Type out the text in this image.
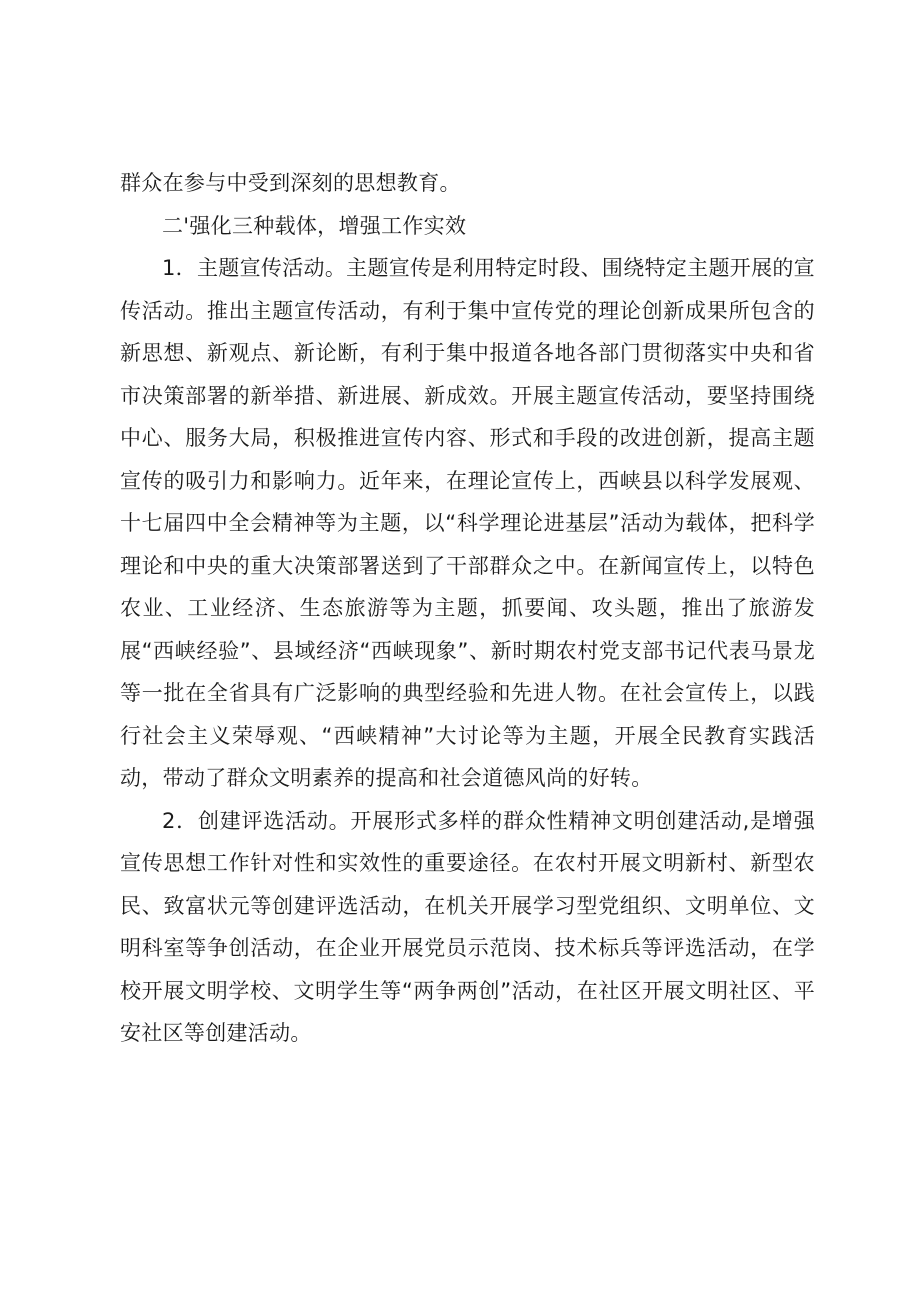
群众在参与中受到深刻的思想教育。

二'强化三种载体，增强工作实效

1．主题宣传活动。主题宣传是利用特定时段、围绕特定主题开展的宣传活动。推出主题宣传活动，有利于集中宣传党的理论创新成果所包含的新思想、新观点、新论断，有利于集中报道各地各部门贯彻落实中央和省市决策部署的新举措、新进展、新成效。开展主题宣传活动，要坚持围绕中心、服务大局，积极推进宣传内容、形式和手段的改进创新，提高主题宣传的吸引力和影响力。近年来，在理论宣传上，西峡县以科学发展观、十七届四中全会精神等为主题，以“科学理论进基层”活动为载体，把科学理论和中央的重大决策部署送到了干部群众之中。在新闻宣传上，以特色农业、工业经济、生态旅游等为主题，抓要闻、攻头题，推出了旅游发展“西峡经验”、县域经济“西峡现象”、新时期农村党支部书记代表马景龙等一批在全省具有广泛影响的典型经验和先进人物。在社会宣传上，以践行社会主义荣辱观、“西峡精神”大讨论等为主题，开展全民教育实践活动，带动了群众文明素养的提高和社会道德风尚的好转。

2．创建评选活动。开展形式多样的群众性精神文明创建活动,是增强宣传思想工作针对性和实效性的重要途径。在农村开展文明新村、新型农民、致富状元等创建评选活动，在机关开展学习型党组织、文明单位、文明科室等争创活动，在企业开展党员示范岗、技术标兵等评选活动，在学校开展文明学校、文明学生等“两争两创”活动，在社区开展文明社区、平安社区等创建活动。
